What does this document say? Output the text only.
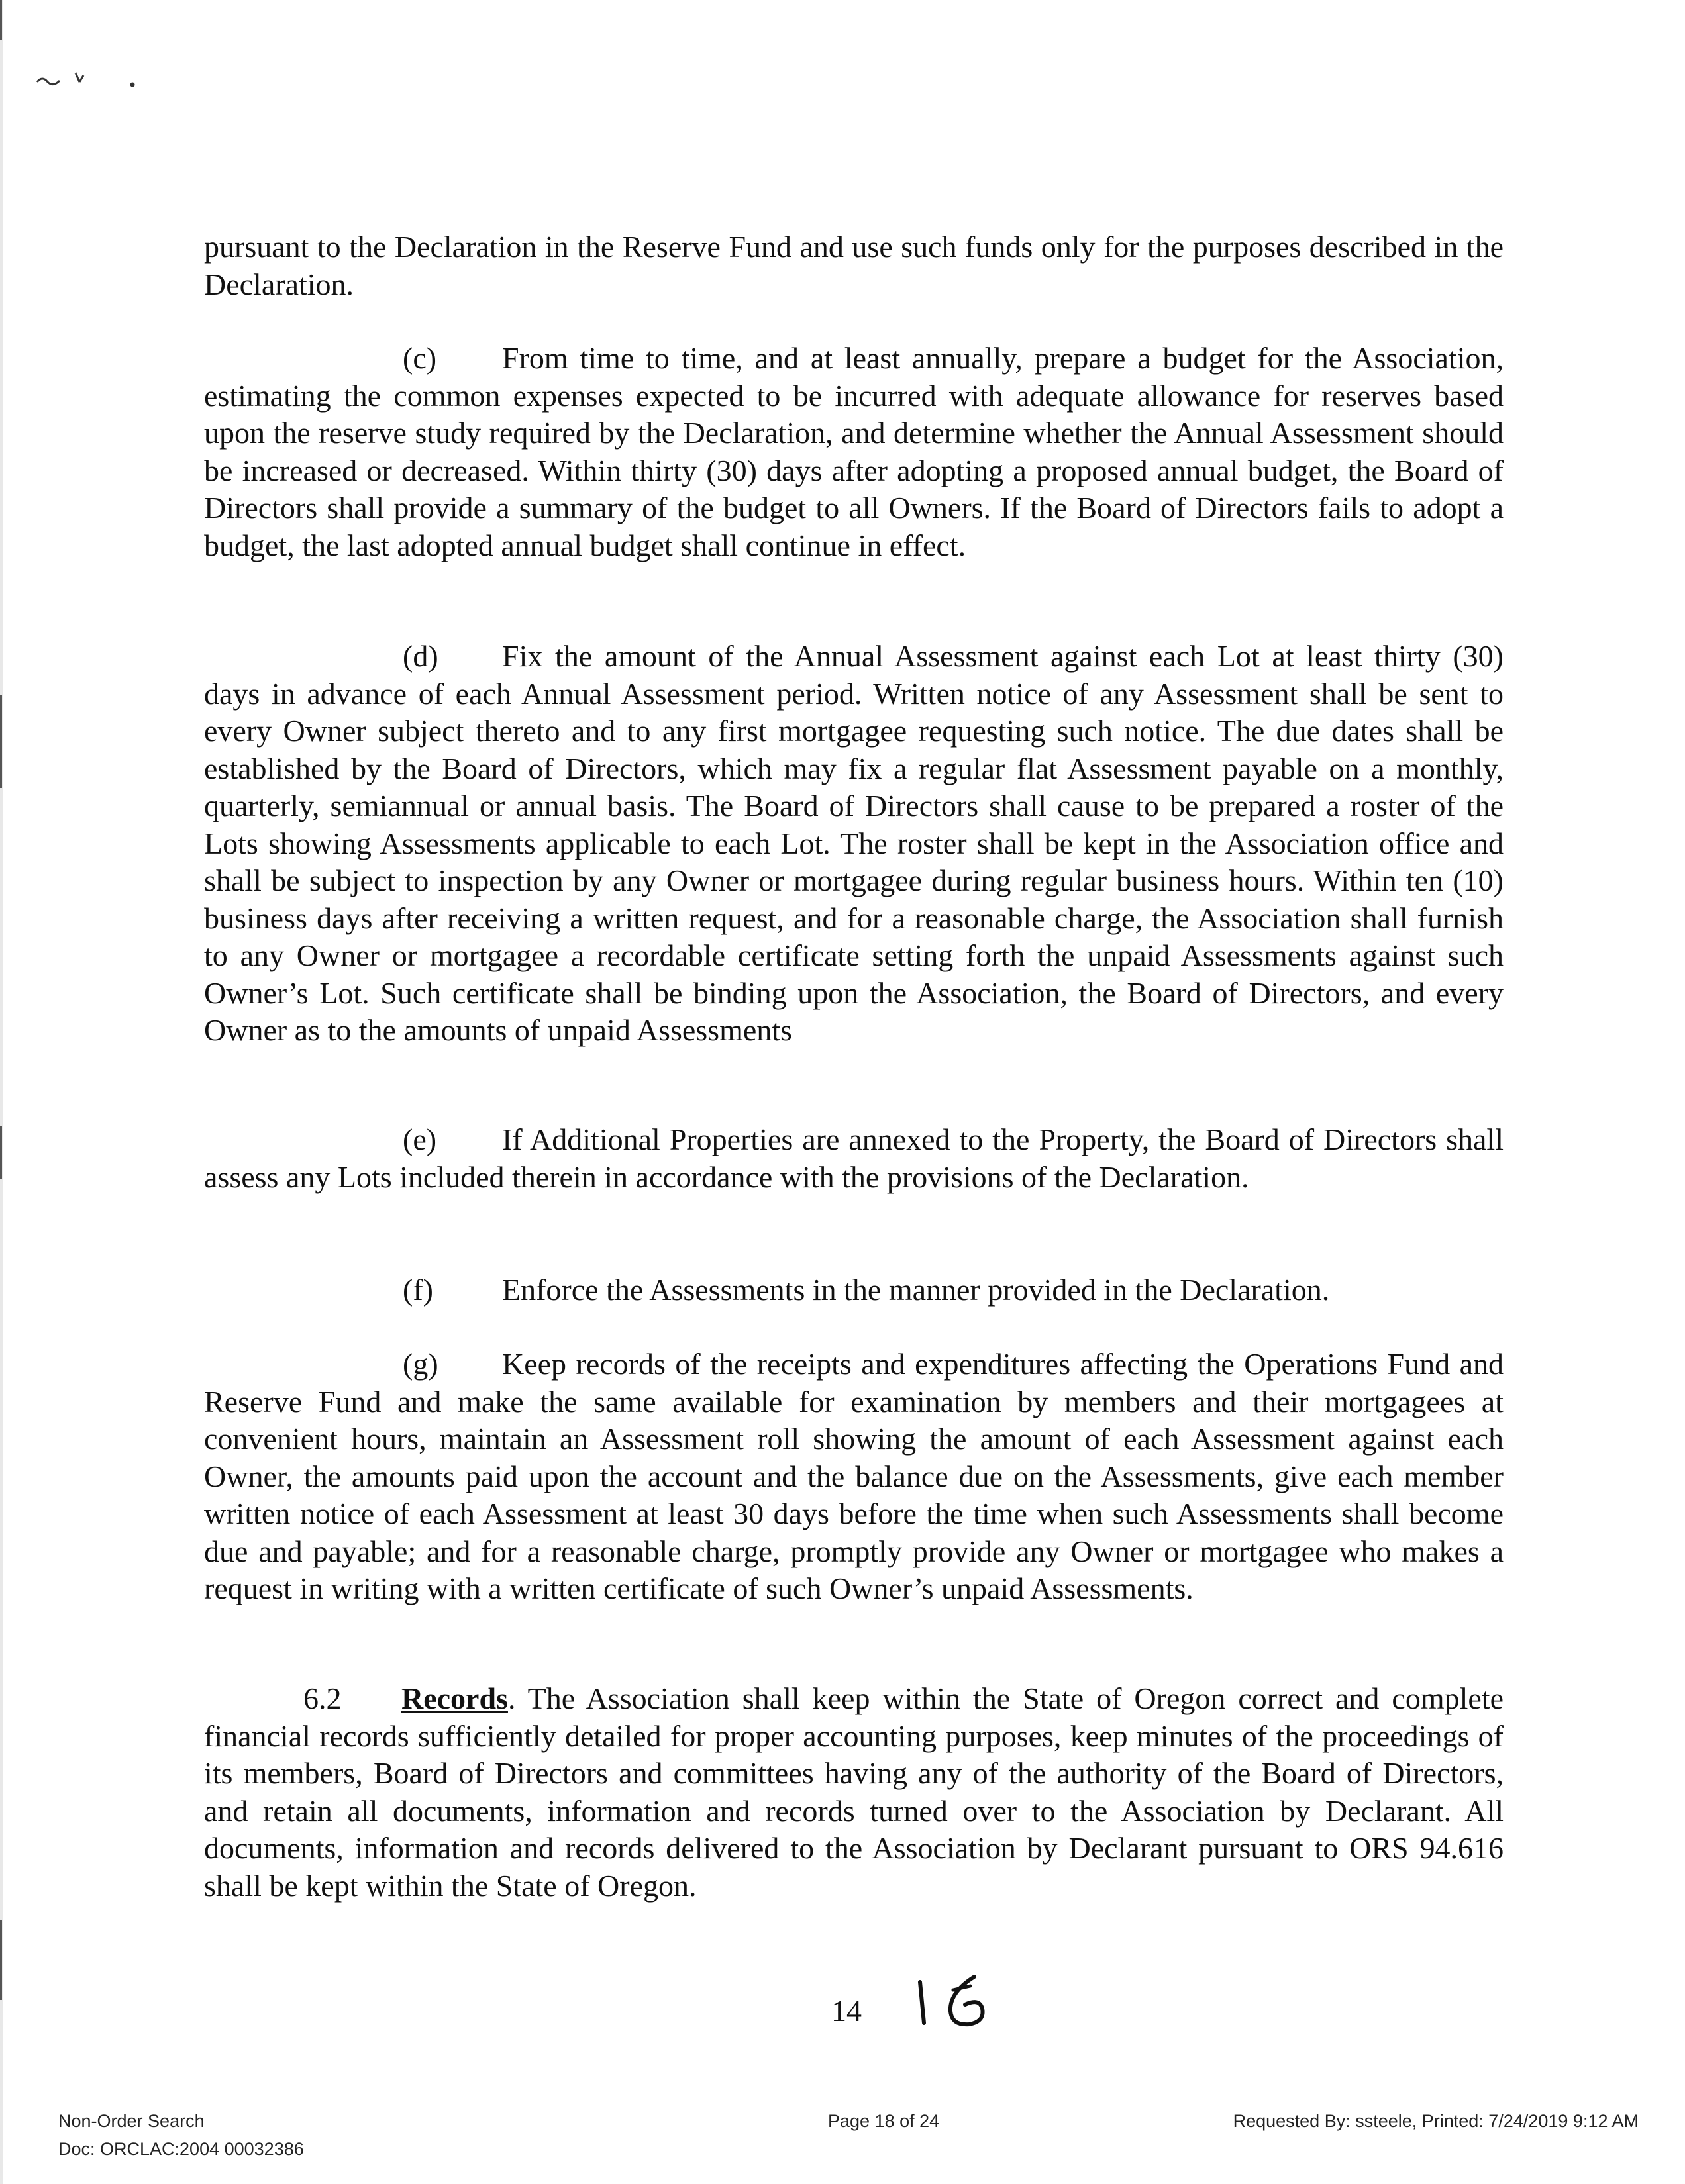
pursuant to the Declaration in the Reserve Fund and use such funds only for the purposes described in the Declaration.

(c) From time to time, and at least annually, prepare a budget for the Association, estimating the common expenses expected to be incurred with adequate allowance for reserves based upon the reserve study required by the Declaration, and determine whether the Annual Assessment should be increased or decreased. Within thirty (30) days after adopting a proposed annual budget, the Board of Directors shall provide a summary of the budget to all Owners. If the Board of Directors fails to adopt a budget, the last adopted annual budget shall continue in effect.

(d) Fix the amount of the Annual Assessment against each Lot at least thirty (30) days in advance of each Annual Assessment period. Written notice of any Assessment shall be sent to every Owner subject thereto and to any first mortgagee requesting such notice. The due dates shall be established by the Board of Directors, which may fix a regular flat Assessment payable on a monthly, quarterly, semiannual or annual basis. The Board of Directors shall cause to be prepared a roster of the Lots showing Assessments applicable to each Lot. The roster shall be kept in the Association office and shall be subject to inspection by any Owner or mortgagee during regular business hours. Within ten (10) business days after receiving a written request, and for a reasonable charge, the Association shall furnish to any Owner or mortgagee a recordable certificate setting forth the unpaid Assessments against such Owner’s Lot. Such certificate shall be binding upon the Association, the Board of Directors, and every Owner as to the amounts of unpaid Assessments

(e) If Additional Properties are annexed to the Property, the Board of Directors shall assess any Lots included therein in accordance with the provisions of the Declaration.

(f) Enforce the Assessments in the manner provided in the Declaration.

(g) Keep records of the receipts and expenditures affecting the Operations Fund and Reserve Fund and make the same available for examination by members and their mortgagees at convenient hours, maintain an Assessment roll showing the amount of each Assessment against each Owner, the amounts paid upon the account and the balance due on the Assessments, give each member written notice of each Assessment at least 30 days before the time when such Assessments shall become due and payable; and for a reasonable charge, promptly provide any Owner or mortgagee who makes a request in writing with a written certificate of such Owner’s unpaid Assessments.

6.2 Records. The Association shall keep within the State of Oregon correct and complete financial records sufficiently detailed for proper accounting purposes, keep minutes of the proceedings of its members, Board of Directors and committees having any of the authority of the Board of Directors, and retain all documents, information and records turned over to the Association by Declarant. All documents, information and records delivered to the Association by Declarant pursuant to ORS 94.616 shall be kept within the State of Oregon.

14
Non-Order Search
Doc: ORCLAC:2004 00032386
Page 18 of 24	Requested By: ssteele, Printed: 7/24/2019 9:12 AM
